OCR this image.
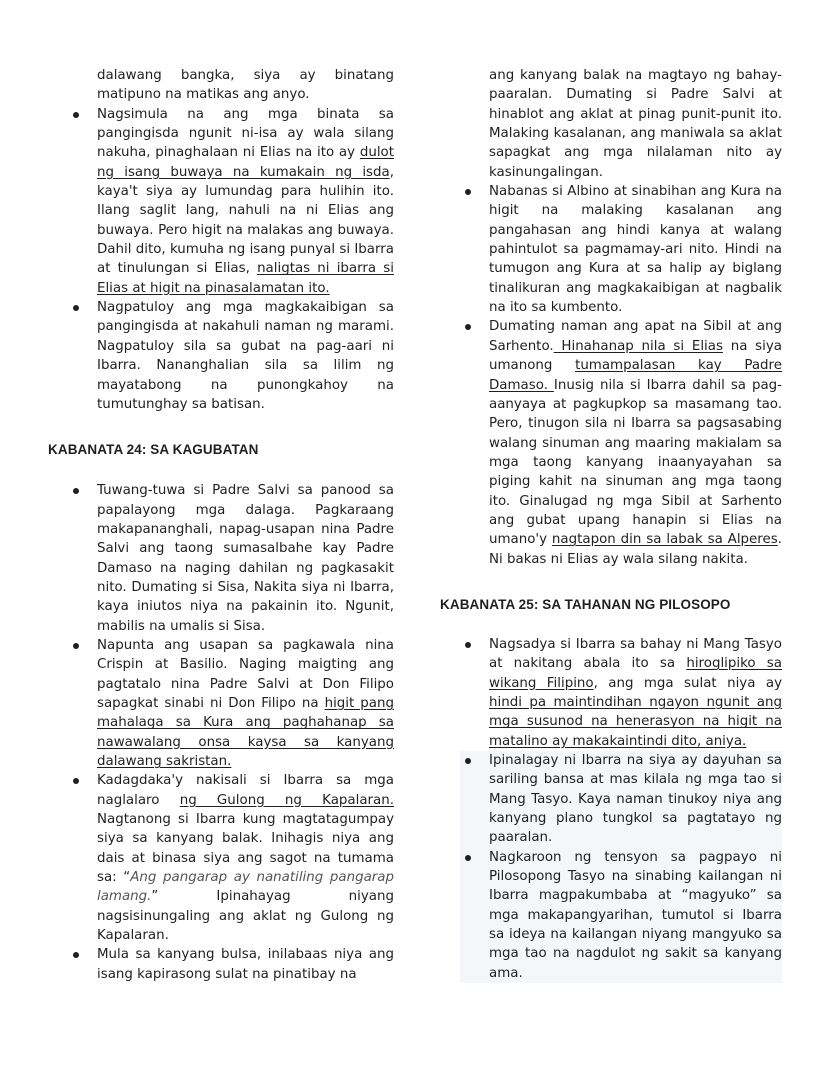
dalawang bangka, siya ay binatang matipuno na matikas ang anyo.

Nagsimula na ang mga binata sa pangingisda ngunit ni-isa ay wala silang nakuha, pinaghalaan ni Elias na ito ay dulot ng isang buwaya na kumakain ng isda, kaya't siya ay lumundag para hulihin ito. Ilang saglit lang, nahuli na ni Elias ang buwaya. Pero higit na malakas ang buwaya. Dahil dito, kumuha ng isang punyal si Ibarra at tinulungan si Elias, naligtas ni ibarra si Elias at higit na pinasalamatan ito.
Nagpatuloy ang mga magkakaibigan sa pangingisda at nakahuli naman ng marami. Nagpatuloy sila sa gubat na pag-aari ni Ibarra. Nananghalian sila sa lilim ng mayatabong na punongkahoy na tumutunghay sa batisan.
KABANATA 24: SA KAGUBATAN
Tuwang-tuwa si Padre Salvi sa panood sa papalayong mga dalaga. Pagkaraang makapananghali, napag-usapan nina Padre Salvi ang taong sumasalbahe kay Padre Damaso na naging dahilan ng pagkasakit nito. Dumating si Sisa, Nakita siya ni Ibarra, kaya iniutos niya na pakainin ito. Ngunit, mabilis na umalis si Sisa.
Napunta ang usapan sa pagkawala nina Crispin at Basilio. Naging maigting ang pagtatalo nina Padre Salvi at Don Filipo sapagkat sinabi ni Don Filipo na higit pang mahalaga sa Kura ang paghahanap sa nawawalang onsa kaysa sa kanyang dalawang sakristan.
Kadagdaka'y nakisali si Ibarra sa mga naglalaro ng Gulong ng Kapalaran. Nagtanong si Ibarra kung magtatagumpay siya sa kanyang balak. Inihagis niya ang dais at binasa siya ang sagot na tumama sa: “Ang pangarap ay nanatiling pangarap lamang.” Ipinahayag niyang nagsisinungaling ang aklat ng Gulong ng Kapalaran.
Mula sa kanyang bulsa, inilabaas niya ang isang kapirasong sulat na pinatibay na

ang kanyang balak na magtayo ng bahay-paaralan. Dumating si Padre Salvi at hinablot ang aklat at pinag punit-punit ito. Malaking kasalanan, ang maniwala sa aklat sapagkat ang mga nilalaman nito ay kasinungalingan.

Nabanas si Albino at sinabihan ang Kura na higit na malaking kasalanan ang pangahasan ang hindi kanya at walang pahintulot sa pagmamay-ari nito. Hindi na tumugon ang Kura at sa halip ay biglang tinalikuran ang magkakaibigan at nagbalik na ito sa kumbento.
Dumating naman ang apat na Sibil at ang Sarhento. Hinahanap nila si Elias na siya umanong tumampalasan kay Padre Damaso. Inusig nila si Ibarra dahil sa pag-aanyaya at pagkupkop sa masamang tao. Pero, tinugon sila ni Ibarra sa pagsasabing walang sinuman ang maaring makialam sa mga taong kanyang inaanyayahan sa piging kahit na sinuman ang mga taong ito. Ginalugad ng mga Sibil at Sarhento ang gubat upang hanapin si Elias na umano'y nagtapon din sa labak sa Alperes. Ni bakas ni Elias ay wala silang nakita.
KABANATA 25: SA TAHANAN NG PILOSOPO
Nagsadya si Ibarra sa bahay ni Mang Tasyo at nakitang abala ito sa hiroglipiko sa wikang Filipino, ang mga sulat niya ay hindi pa maintindihan ngayon ngunit ang mga susunod na henerasyon na higit na matalino ay makakaintindi dito, aniya.
Ipinalagay ni Ibarra na siya ay dayuhan sa sariling bansa at mas kilala ng mga tao si Mang Tasyo. Kaya naman tinukoy niya ang kanyang plano tungkol sa pagtatayo ng paaralan.
Nagkaroon ng tensyon sa pagpayo ni Pilosopong Tasyo na sinabing kailangan ni Ibarra magpakumbaba at “magyuko” sa mga makapangyarihan, tumutol si Ibarra sa ideya na kailangan niyang mangyuko sa mga tao na nagdulot ng sakit sa kanyang ama.
